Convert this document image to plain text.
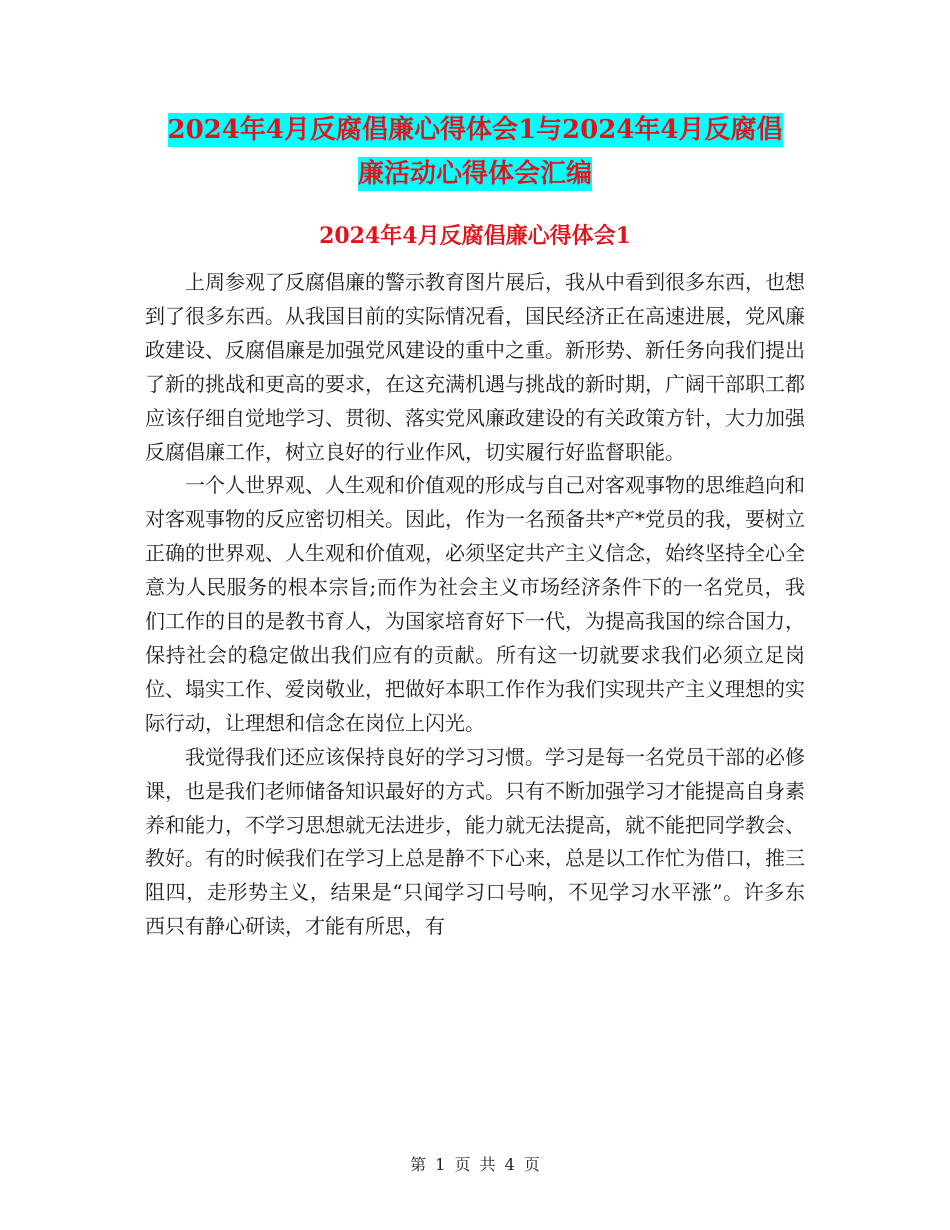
2024年4月反腐倡廉心得体会1与2024年4月反腐倡
廉活动心得体会汇编
2024年4月反腐倡廉心得体会1

上周参观了反腐倡廉的警示教育图片展后，我从中看到很多东西，也想到了很多东西。从我国目前的实际情况看，国民经济正在高速进展，党风廉政建设、反腐倡廉是加强党风建设的重中之重。新形势、新任务向我们提出了新的挑战和更高的要求，在这充满机遇与挑战的新时期，广阔干部职工都应该仔细自觉地学习、贯彻、落实党风廉政建设的有关政策方针，大力加强反腐倡廉工作，树立良好的行业作风，切实履行好监督职能。

一个人世界观、人生观和价值观的形成与自己对客观事物的思维趋向和对客观事物的反应密切相关。因此，作为一名预备共*产*党员的我，要树立正确的世界观、人生观和价值观，必须坚定共产主义信念，始终坚持全心全意为人民服务的根本宗旨;而作为社会主义市场经济条件下的一名党员，我们工作的目的是教书育人，为国家培育好下一代，为提高我国的综合国力，保持社会的稳定做出我们应有的贡献。所有这一切就要求我们必须立足岗位、塌实工作、爱岗敬业，把做好本职工作作为我们实现共产主义理想的实际行动，让理想和信念在岗位上闪光。

我觉得我们还应该保持良好的学习习惯。学习是每一名党员干部的必修课，也是我们老师储备知识最好的方式。只有不断加强学习才能提高自身素养和能力，不学习思想就无法进步，能力就无法提高，就不能把同学教会、教好。有的时候我们在学习上总是静不下心来，总是以工作忙为借口，推三阻四，走形势主义，结果是“只闻学习口号响，不见学习水平涨”。许多东西只有静心研读，才能有所思，有

第 1 页 共 4 页
